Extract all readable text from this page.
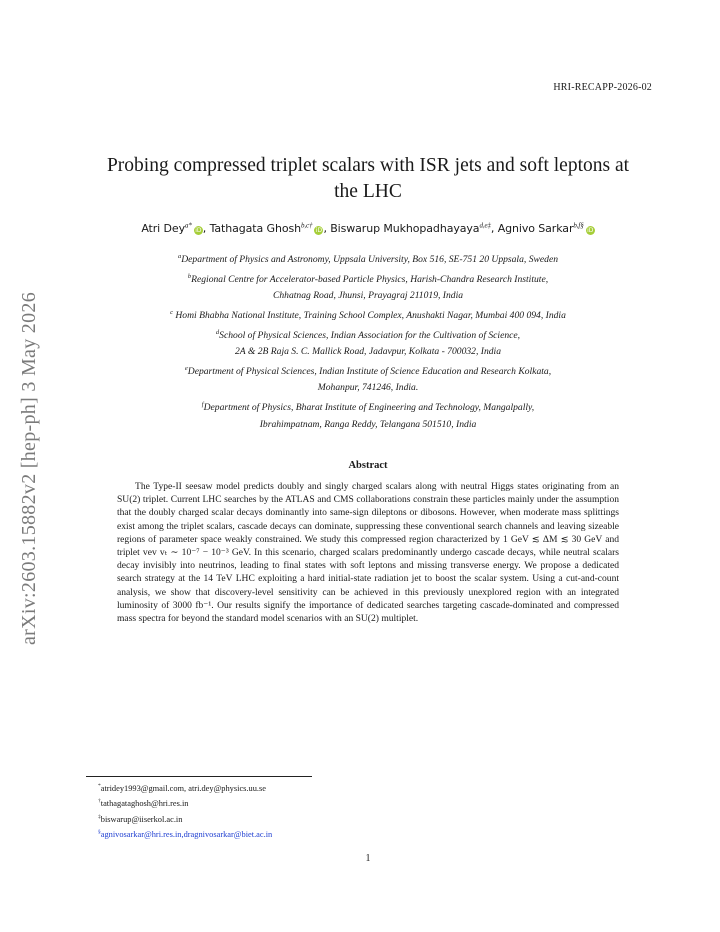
arXiv:2603.15882v2 [hep-ph] 3 May 2026
HRI-RECAPP-2026-02
Probing compressed triplet scalars with ISR jets and soft leptons at
the LHC
Atri Dey$^{a*}$iD, Tathagata Ghosh$^{b,c\dagger}$iD, Biswarup Mukhopadhayaya$^{d,e\ddagger}$, Agnivo Sarkar$^{b,f\S}$iD
$^a$Department of Physics and Astronomy, Uppsala University, Box 516, SE-751 20 Uppsala, Sweden
$^b$Regional Centre for Accelerator-based Particle Physics, Harish-Chandra Research Institute,
Chhatnag Road, Jhunsi, Prayagraj 211019, India
$^c$ Homi Bhabha National Institute, Training School Complex, Anushakti Nagar, Mumbai 400 094, India
$^d$School of Physical Sciences, Indian Association for the Cultivation of Science,
2A & 2B Raja S. C. Mallick Road, Jadavpur, Kolkata - 700032, India
$^e$Department of Physical Sciences, Indian Institute of Science Education and Research Kolkata,
Mohanpur, 741246, India.
$^f$Department of Physics, Bharat Institute of Engineering and Technology, Mangalpally,
Ibrahimpatnam, Ranga Reddy, Telangana 501510, India
Abstract
The Type-II seesaw model predicts doubly and singly charged scalars along with neutral Higgs states originating from an SU(2) triplet. Current LHC searches by the ATLAS and CMS collaborations constrain these particles mainly under the assumption that the doubly charged scalar decays dominantly into same-sign dileptons or dibosons. However, when moderate mass splittings exist among the triplet scalars, cascade decays can dominate, suppressing these conventional search channels and leaving sizeable regions of parameter space weakly constrained. We study this compressed region characterized by 1 GeV ≲ ΔM ≲ 30 GeV and triplet vev vₜ ∼ 10⁻⁷ − 10⁻³ GeV. In this scenario, charged scalars predominantly undergo cascade decays, while neutral scalars decay invisibly into neutrinos, leading to final states with soft leptons and missing transverse energy. We propose a dedicated search strategy at the 14 TeV LHC exploiting a hard initial-state radiation jet to boost the scalar system. Using a cut-and-count analysis, we show that discovery-level sensitivity can be achieved in this previously unexplored region with an integrated luminosity of 3000 fb⁻¹. Our results signify the importance of dedicated searches targeting cascade-dominated and compressed mass spectra for beyond the standard model scenarios with an SU(2) multiplet.
*atridey1993@gmail.com, atri.dey@physics.uu.se
†tathagataghosh@hri.res.in
‡biswarup@iiserkol.ac.in
§agnivosarkar@hri.res.in,dragnivosarkar@biet.ac.in
1
